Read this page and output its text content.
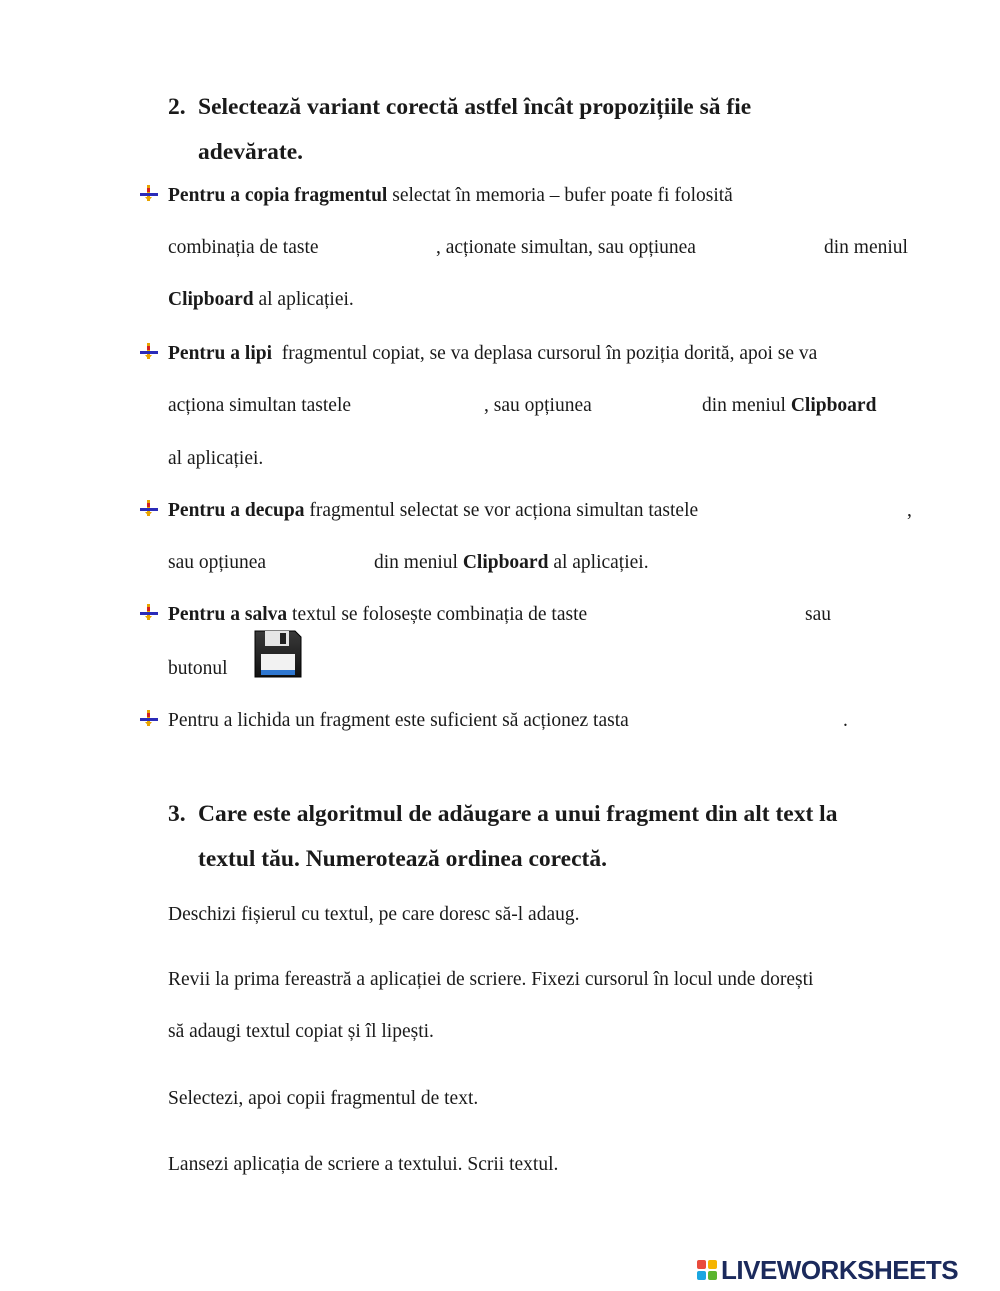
2. Selectează variant corectă astfel încât propozițiile să fie
adevărate.
Pentru a copia fragmentul selectat în memoria – bufer poate fi folosită
combinația de taste	, acționate simultan, sau opțiunea	din meniul
Clipboard al aplicației.
Pentru a lipi  fragmentul copiat, se va deplasa cursorul în poziția dorită, apoi se va
acționa simultan tastele	, sau opțiunea	din meniul Clipboard
al aplicației.
Pentru a decupa fragmentul selectat se vor acționa simultan tastele	,
sau opțiunea	din meniul Clipboard al aplicației.
Pentru a salva textul se folosește combinația de taste	sau
butonul
Pentru a lichida un fragment este suficient să acționez tasta	.
3. Care este algoritmul de adăugare a unui fragment din alt text la
textul tău. Numerotează ordinea corectă.
Deschizi fișierul cu textul, pe care doresc să-l adaug.
Revii la prima fereastră a aplicației de scriere. Fixezi cursorul în locul unde dorești
să adaugi textul copiat și îl lipești.
Selectezi, apoi copii fragmentul de text.
Lansezi aplicația de scriere a textului. Scrii textul.
LIVEWORKSHEETS
